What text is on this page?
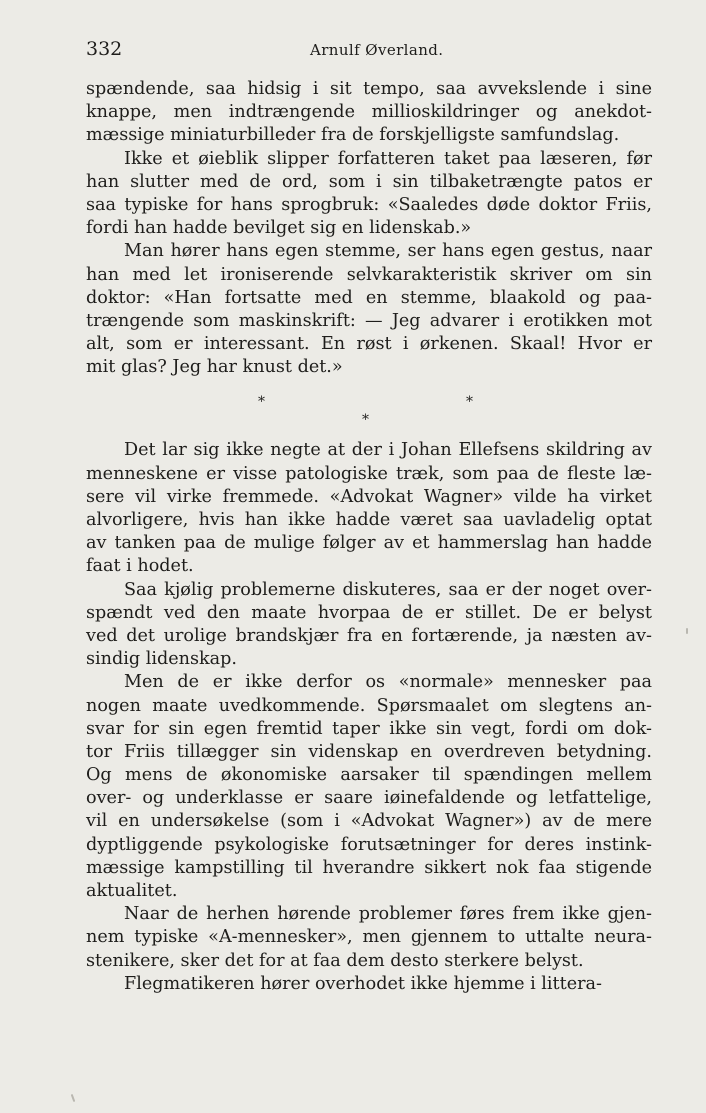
332	Arnulf Øverland.
spændende, saa hidsig i sit tempo, saa avvekslende i sine
knappe, men indtrængende millioskildringer og anekdot-
mæssige miniaturbilleder fra de forskjelligste samfundslag.
Ikke et øieblik slipper forfatteren taket paa læseren, før
han slutter med de ord, som i sin tilbaketrængte patos er
saa typiske for hans sprogbruk: «Saaledes døde doktor Friis,
fordi han hadde bevilget sig en lidenskab.»
Man hører hans egen stemme, ser hans egen gestus, naar
han med let ironiserende selvkarakteristik skriver om sin
doktor: «Han fortsatte med en stemme, blaakold og paa-
trængende som maskinskrift: — Jeg advarer i erotikken mot
alt, som er interessant. En røst i ørkenen. Skaal! Hvor er
mit glas? Jeg har knust det.»
*	*
*
Det lar sig ikke negte at der i Johan Ellefsens skildring av
menneskene er visse patologiske træk, som paa de fleste læ-
sere vil virke fremmede. «Advokat Wagner» vilde ha virket
alvorligere, hvis han ikke hadde været saa uavladelig optat
av tanken paa de mulige følger av et hammerslag han hadde
faat i hodet.
Saa kjølig problemerne diskuteres, saa er der noget over-
spændt ved den maate hvorpaa de er stillet. De er belyst
ved det urolige brandskjær fra en fortærende, ja næsten av-
sindig lidenskap.
Men de er ikke derfor os «normale» mennesker paa
nogen maate uvedkommende. Spørsmaalet om slegtens an-
svar for sin egen fremtid taper ikke sin vegt, fordi om dok-
tor Friis tillægger sin videnskap en overdreven betydning.
Og mens de økonomiske aarsaker til spændingen mellem
over- og underklasse er saare iøinefaldende og letfattelige,
vil en undersøkelse (som i «Advokat Wagner») av de mere
dyptliggende psykologiske forutsætninger for deres instink-
mæssige kampstilling til hverandre sikkert nok faa stigende
aktualitet.
Naar de herhen hørende problemer føres frem ikke gjen-
nem typiske «A-mennesker», men gjennem to uttalte neura-
stenikere, sker det for at faa dem desto sterkere belyst.
Flegmatikeren hører overhodet ikke hjemme i littera-
